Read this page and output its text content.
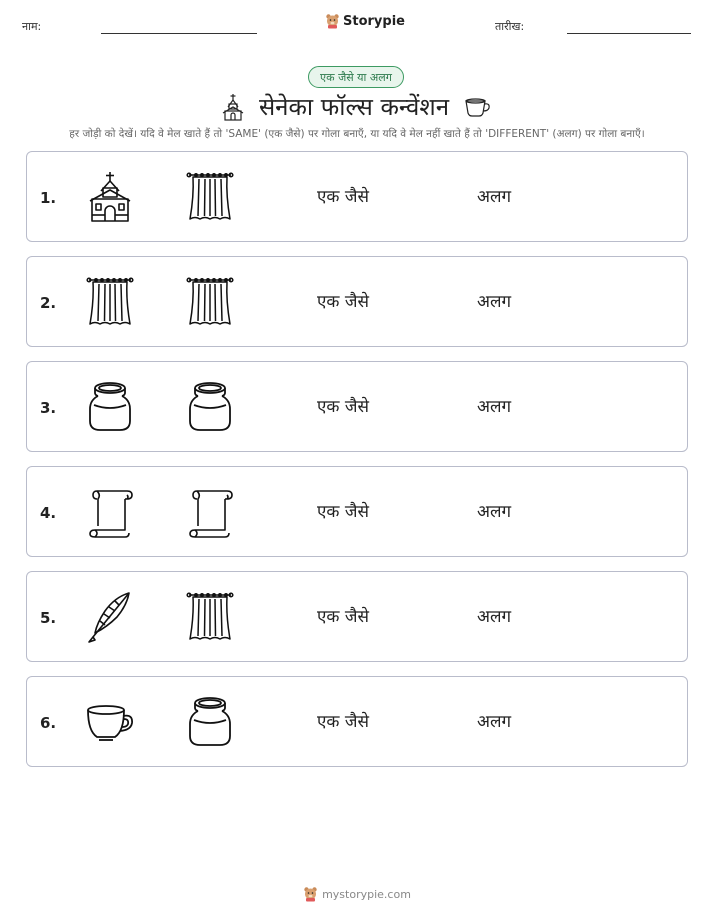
नाम:	Storypie	तारीख:
एक जैसे या अलग
सेनेका फॉल्स कन्वेंशन
हर जोड़ी को देखें। यदि वे मेल खाते हैं तो 'SAME' (एक जैसे) पर गोला बनाएँ, या यदि वे मेल नहीं खाते हैं तो 'DIFFERENT' (अलग) पर गोला बनाएँ।
1.	एक जैसे	अलग
2.	एक जैसे	अलग
3.	एक जैसे	अलग
4.	एक जैसे	अलग
5.	एक जैसे	अलग
6.	एक जैसे	अलग
mystorypie.com
